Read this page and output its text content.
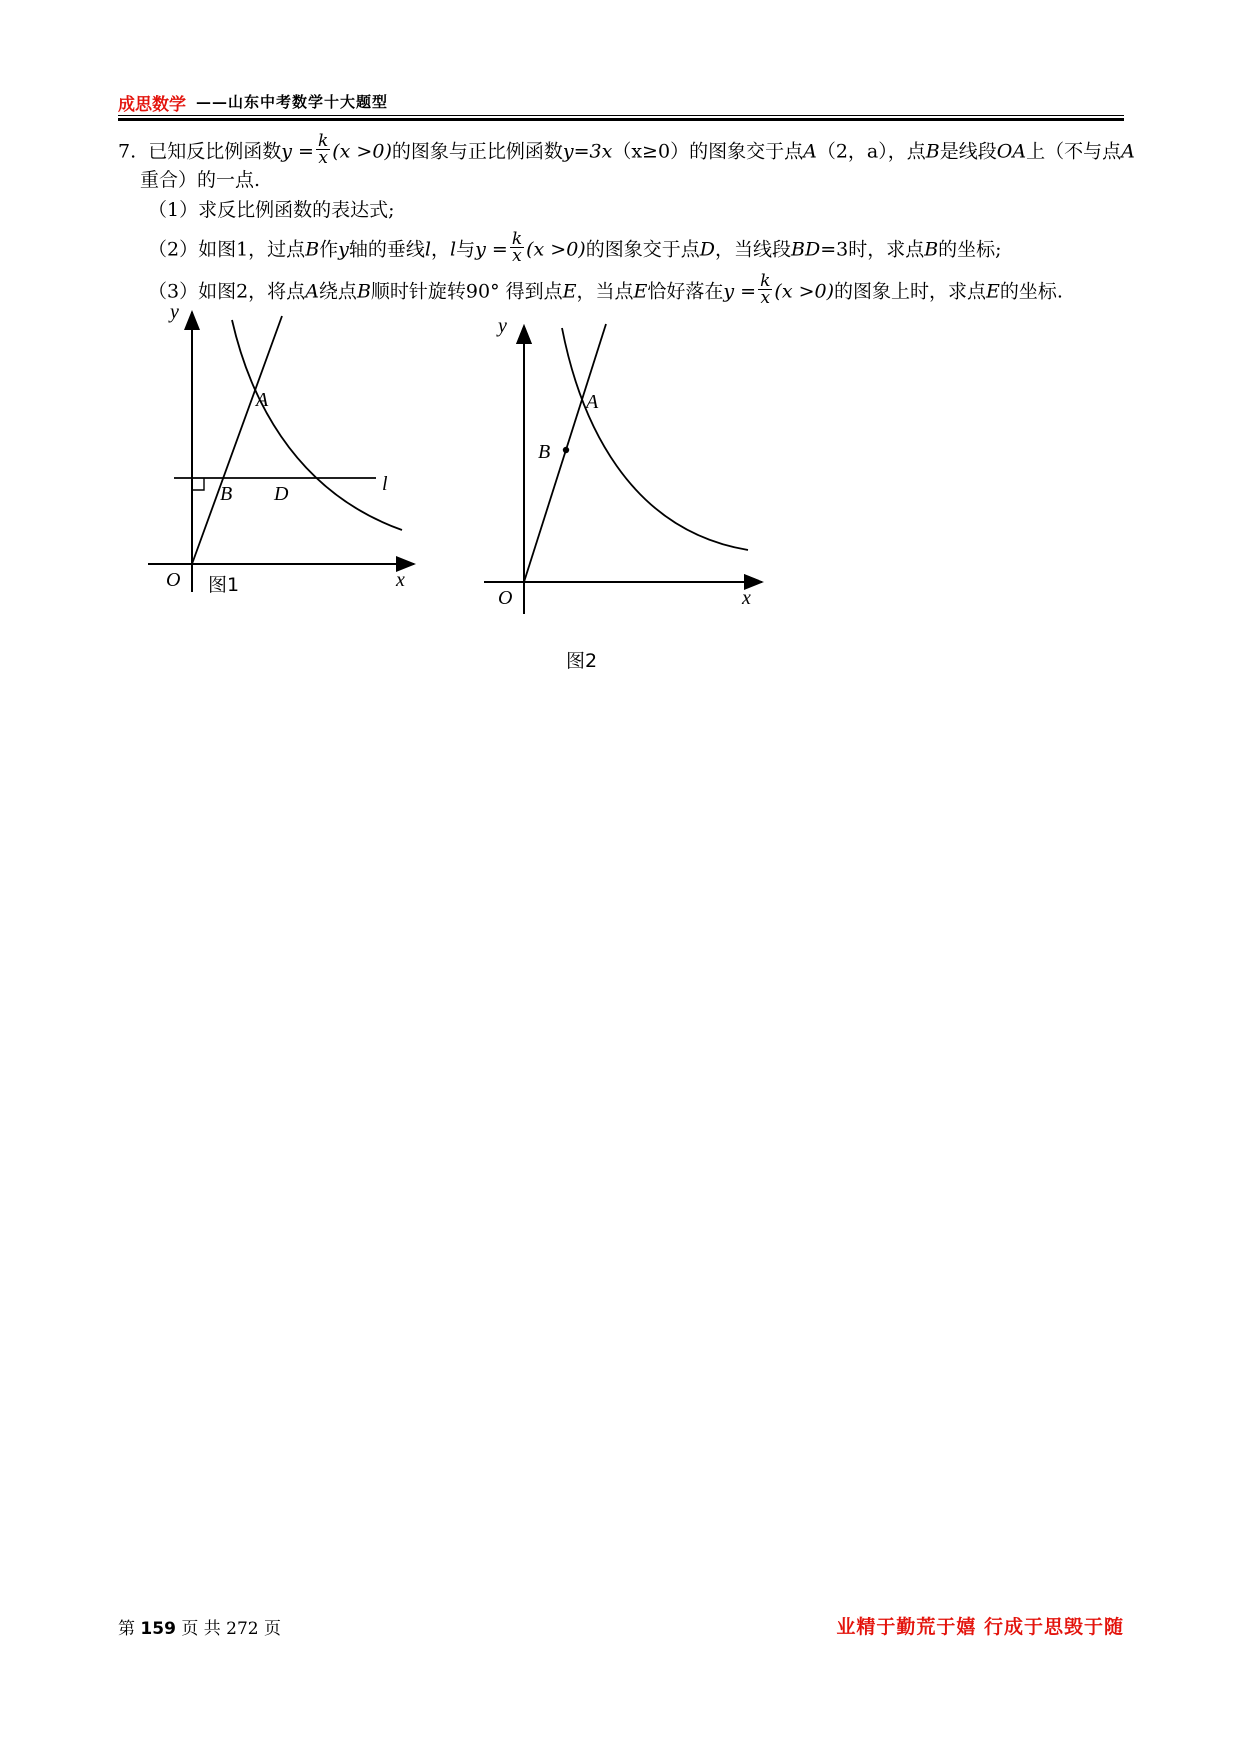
成思数学 ——山东中考数学十大题型
7. 已知反比例函数$y = \frac{k}{x} (x >0)$的图象与正比例函数y=3x（x≥0）的图象交于点A（2，a），点B是线段OA上（不与点A
重合）的一点.
（1）求反比例函数的表达式;
（2）如图1，过点B作y轴的垂线l，l与$y = \frac{k}{x} (x >0)$的图象交于点D，当线段BD=3时，求点B的坐标;
（3）如图2，将点A绕点B顺时针旋转90° 得到点E，当点E恰好落在$y = \frac{k}{x} (x >0)$的图象上时，求点E的坐标.
y
x
O
A
B D	l
图1
y
x
O
A
B
图2
第 159 页 共 272 页	业精于勤荒于嬉 行成于思毁于随
